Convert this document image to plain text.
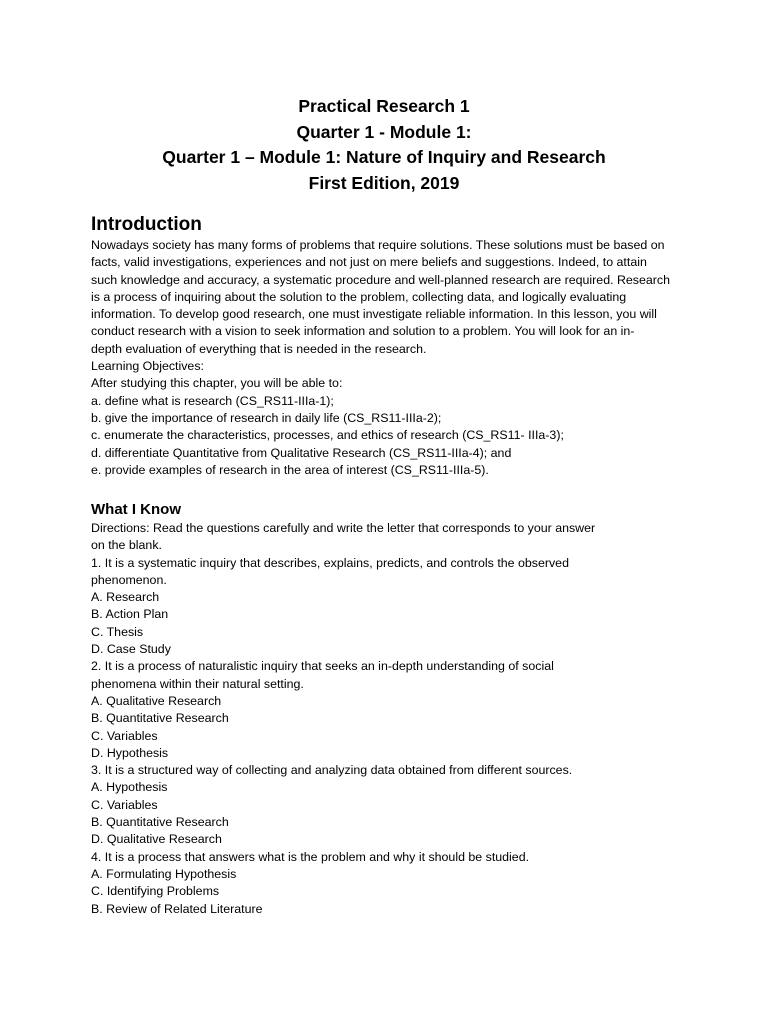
Practical Research 1
Quarter 1 - Module 1:
Quarter 1 – Module 1: Nature of Inquiry and Research
First Edition, 2019
Introduction
Nowadays society has many forms of problems that require solutions. These solutions must be based on
facts, valid investigations, experiences and not just on mere beliefs and suggestions. Indeed, to attain
such knowledge and accuracy, a systematic procedure and well-planned research are required. Research
is a process of inquiring about the solution to the problem, collecting data, and logically evaluating
information. To develop good research, one must investigate reliable information. In this lesson, you will
conduct research with a vision to seek information and solution to a problem. You will look for an in-
depth evaluation of everything that is needed in the research.
Learning Objectives:
After studying this chapter, you will be able to:
a. define what is research (CS_RS11-IIIa-1);
b. give the importance of research in daily life (CS_RS11-IIIa-2);
c. enumerate the characteristics, processes, and ethics of research (CS_RS11- IIIa-3);
d. differentiate Quantitative from Qualitative Research (CS_RS11-IIIa-4); and
e. provide examples of research in the area of interest (CS_RS11-IIIa-5).
What I Know
Directions: Read the questions carefully and write the letter that corresponds to your answer
on the blank.
1. It is a systematic inquiry that describes, explains, predicts, and controls the observed
phenomenon.
A. Research
B. Action Plan
C. Thesis
D. Case Study
2. It is a process of naturalistic inquiry that seeks an in-depth understanding of social
phenomena within their natural setting.
A. Qualitative Research
B. Quantitative Research
C. Variables
D. Hypothesis
3. It is a structured way of collecting and analyzing data obtained from different sources.
A. Hypothesis
C. Variables
B. Quantitative Research
D. Qualitative Research
4. It is a process that answers what is the problem and why it should be studied.
A. Formulating Hypothesis
C. Identifying Problems
B. Review of Related Literature
